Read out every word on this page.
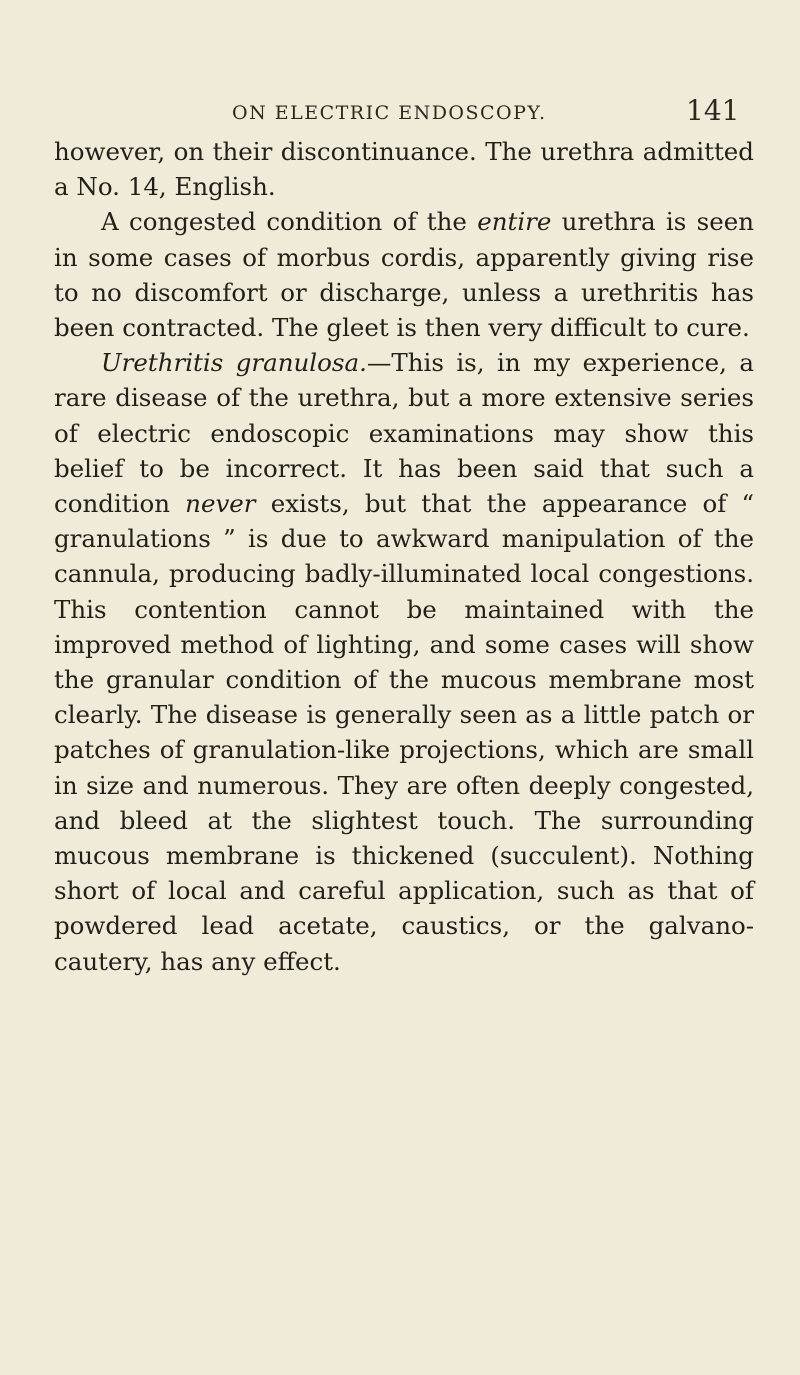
ON ELECTRIC ENDOSCOPY.	141

however, on their discontinuance. The urethra admitted a No. 14, English.

A congested condition of the entire urethra is seen in some cases of morbus cordis, apparently giving rise to no discomfort or discharge, unless a urethritis has been contracted. The gleet is then very difficult to cure.

Urethritis granulosa.—This is, in my experience, a rare disease of the urethra, but a more extensive series of electric endoscopic examinations may show this belief to be incorrect. It has been said that such a condition never exists, but that the appearance of “ granulations ” is due to awkward manipulation of the cannula, producing badly-illuminated local congestions. This contention cannot be maintained with the improved method of lighting, and some cases will show the granular condition of the mucous membrane most clearly. The disease is generally seen as a little patch or patches of granulation-like projections, which are small in size and numerous. They are often deeply congested, and bleed at the slightest touch. The surrounding mucous membrane is thickened (succulent). Nothing short of local and careful application, such as that of powdered lead acetate, caustics, or the galvano-cautery, has any effect.
